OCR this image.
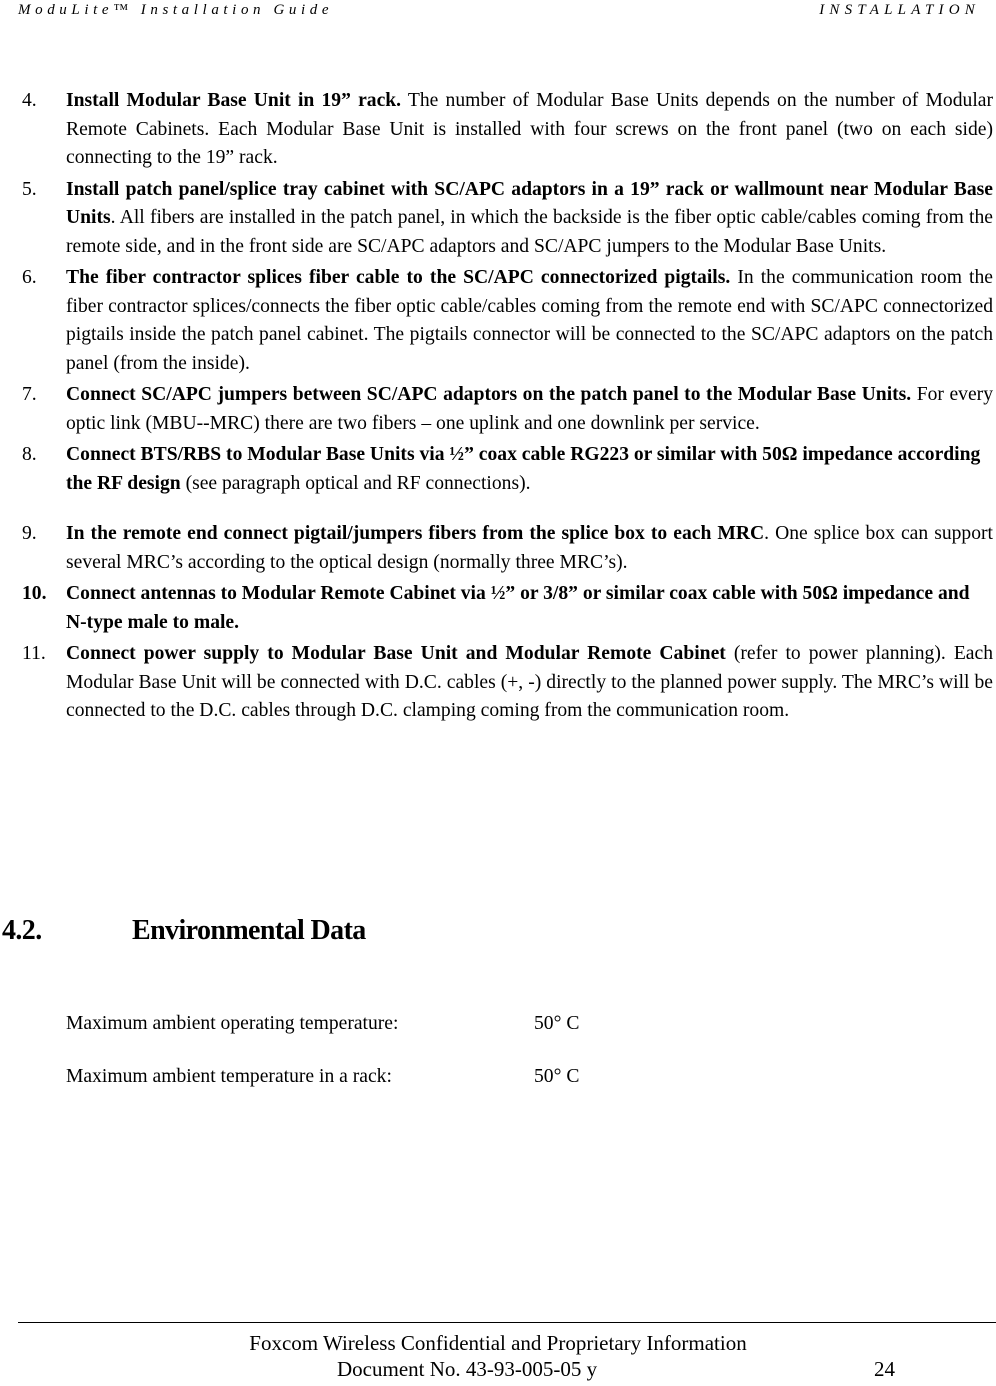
ModuLite™ Installation Guide	INSTALLATION
4. Install Modular Base Unit in 19” rack. The number of Modular Base Units depends on the number of Modular Remote Cabinets. Each Modular Base Unit is installed with four screws on the front panel (two on each side) connecting to the 19” rack.
5. Install patch panel/splice tray cabinet with SC/APC adaptors in a 19” rack or wallmount near Modular Base Units. All fibers are installed in the patch panel, in which the backside is the fiber optic cable/cables coming from the remote side, and in the front side are SC/APC adaptors and SC/APC jumpers to the Modular Base Units.
6. The fiber contractor splices fiber cable to the SC/APC connectorized pigtails. In the communication room the fiber contractor splices/connects the fiber optic cable/cables coming from the remote end with SC/APC connectorized pigtails inside the patch panel cabinet. The pigtails connector will be connected to the SC/APC adaptors on the patch panel (from the inside).
7. Connect SC/APC jumpers between SC/APC adaptors on the patch panel to the Modular Base Units. For every optic link (MBU--MRC) there are two fibers – one uplink and one downlink per service.
8. Connect BTS/RBS to Modular Base Units via ½” coax cable RG223 or similar with 50Ω impedance according the RF design (see paragraph optical and RF connections).
9. In the remote end connect pigtail/jumpers fibers from the splice box to each MRC. One splice box can support several MRC’s according to the optical design (normally three MRC’s).
10. Connect antennas to Modular Remote Cabinet via ½” or 3/8” or similar coax cable with 50Ω impedance and N-type male to male.
11. Connect power supply to Modular Base Unit and Modular Remote Cabinet (refer to power planning). Each Modular Base Unit will be connected with D.C. cables (+, -) directly to the planned power supply. The MRC’s will be connected to the D.C. cables through D.C. clamping coming from the communication room.
4.2.	Environmental Data
Maximum ambient operating temperature:	50° C
Maximum ambient temperature in a rack:	50° C
Foxcom Wireless Confidential and Proprietary Information
Document No. 43-93-005-05 y	24
